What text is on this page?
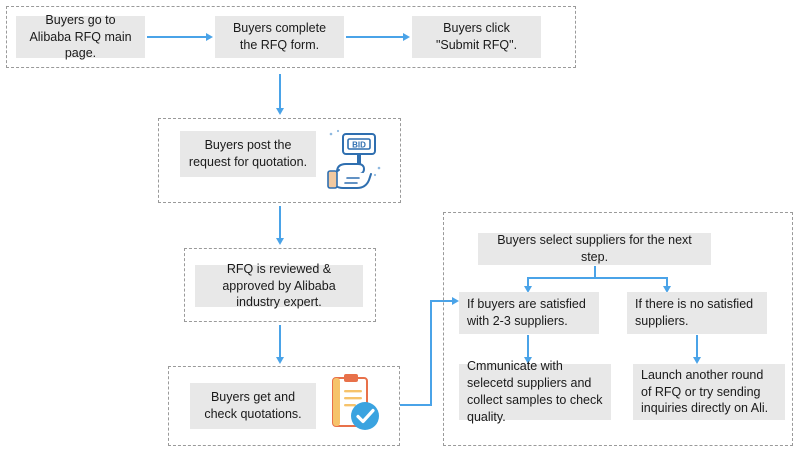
Buyers go to Alibaba RFQ main page.
Buyers complete the RFQ form.
Buyers click "Submit RFQ".
Buyers post the request for quotation.
BID
RFQ is reviewed & approved by Alibaba industry expert.
Buyers get and check quotations.
Buyers select suppliers for the next step.
If buyers are satisfied with 2-3 suppliers.
If there is no satisfied suppliers.
Cmmunicate with selecetd suppliers and collect samples to check quality.
Launch another round of RFQ or try sending inquiries directly on Ali.
